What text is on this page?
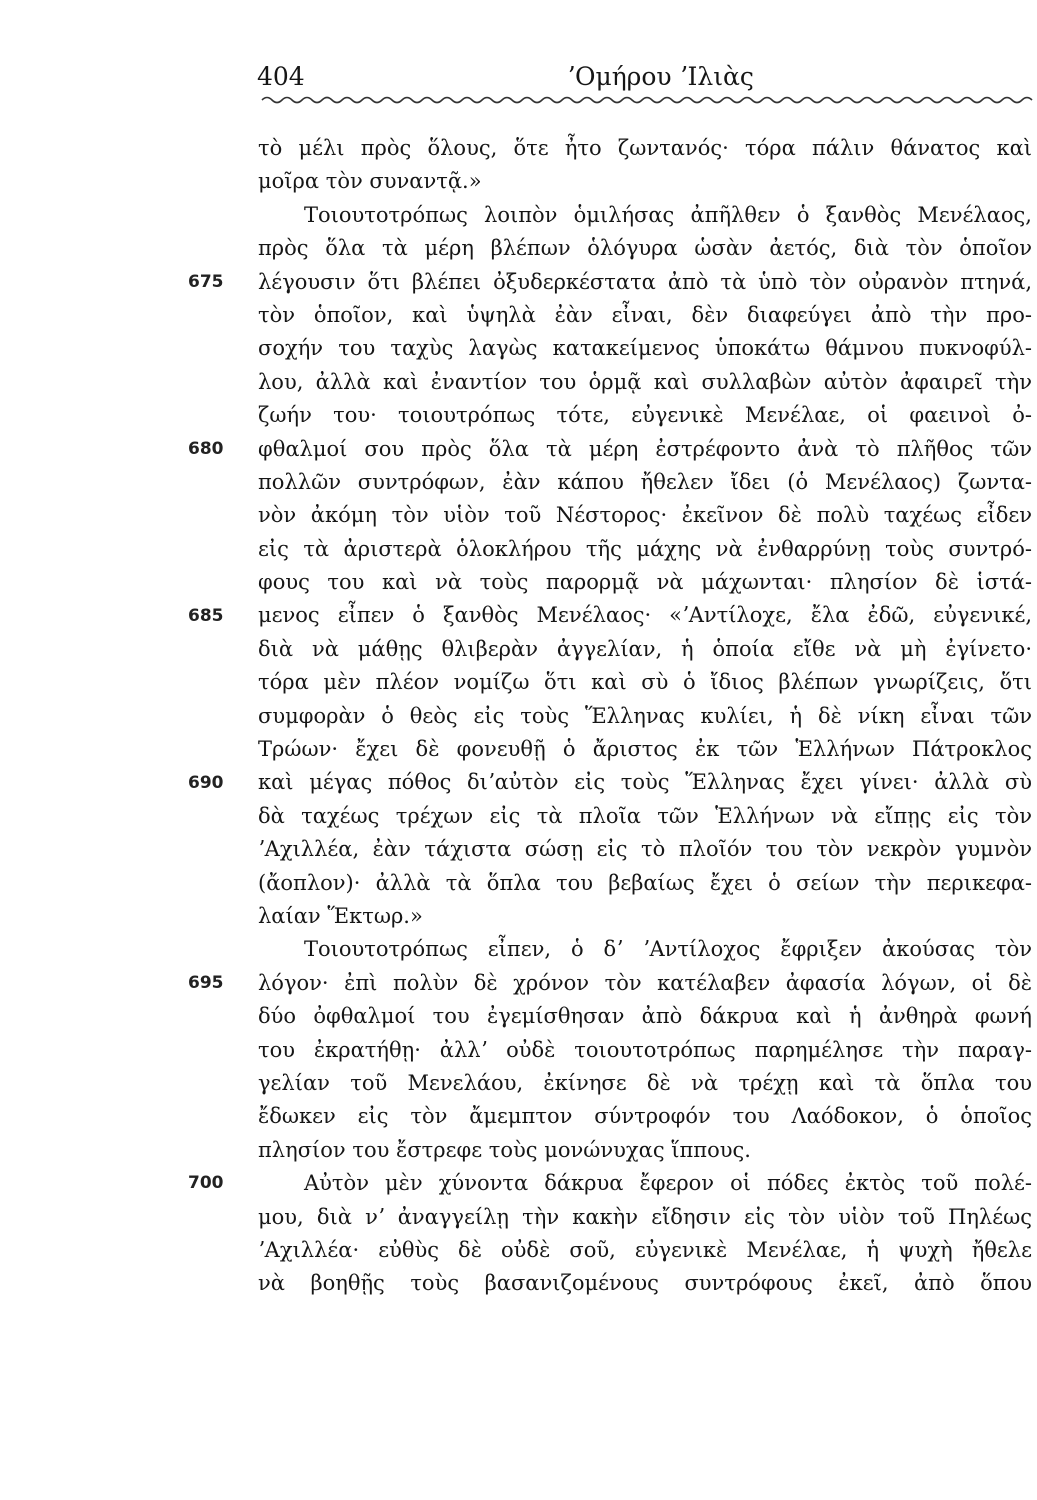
404	ʼΟμήρου ʼΙλιὰς
675
680
685
690
695
700
τὸ μέλι πρὸς ὅλους, ὅτε ἦτο ζωντανός· τόρα πάλιν θάνατος καὶ
μοῖρα τὸν συναντᾷ.»
Τοιουτοτρόπως λοιπὸν ὁμιλήσας ἀπῆλθεν ὁ ξανθὸς Μενέλαος,
πρὸς ὅλα τὰ μέρη βλέπων ὁλόγυρα ὡσὰν ἀετός, διὰ τὸν ὁποῖον
λέγουσιν ὅτι βλέπει ὀξυδερκέστατα ἀπὸ τὰ ὑπὸ τὸν οὐρανὸν πτηνά,
τὸν ὁποῖον, καὶ ὑψηλὰ ἐὰν εἶναι, δὲν διαφεύγει ἀπὸ τὴν προ-
σοχήν του ταχὺς λαγὼς κατακείμενος ὑποκάτω θάμνου πυκνοφύλ-
λου, ἀλλὰ καὶ ἐναντίον του ὁρμᾷ καὶ συλλαβὼν αὐτὸν ἀφαιρεῖ τὴν
ζωήν του· τοιουτρόπως τότε, εὐγενικὲ Μενέλαε, οἱ φαεινοὶ ὀ-
φθαλμοί σου πρὸς ὅλα τὰ μέρη ἐστρέφοντο ἀνὰ τὸ πλῆθος τῶν
πολλῶν συντρόφων, ἐὰν κάπου ἤθελεν ἴδει (ὁ Μενέλαος) ζωντα-
νὸν ἀκόμη τὸν υἱὸν τοῦ Νέστορος· ἐκεῖνον δὲ πολὺ ταχέως εἶδεν
εἰς τὰ ἀριστερὰ ὁλοκλήρου τῆς μάχης νὰ ἐνθαρρύνῃ τοὺς συντρό-
φους του καὶ νὰ τοὺς παρορμᾷ νὰ μάχωνται· πλησίον δὲ ἱστά-
μενος εἶπεν ὁ ξανθὸς Μενέλαος· «ʼΑντίλοχε, ἔλα ἐδῶ, εὐγενικέ,
διὰ νὰ μάθῃς θλιβερὰν ἀγγελίαν, ἡ ὁποία εἴθε νὰ μὴ ἐγίνετο·
τόρα μὲν πλέον νομίζω ὅτι καὶ σὺ ὁ ἴδιος βλέπων γνωρίζεις, ὅτι
συμφορὰν ὁ θεὸς εἰς τοὺς Ἕλληνας κυλίει, ἡ δὲ νίκη εἶναι τῶν
Τρώων· ἔχει δὲ φονευθῇ ὁ ἄριστος ἐκ τῶν Ἑλλήνων Πάτροκλος
καὶ μέγας πόθος διʼαὐτὸν εἰς τοὺς Ἕλληνας ἔχει γίνει· ἀλλὰ σὺ
δὰ ταχέως τρέχων εἰς τὰ πλοῖα τῶν Ἑλλήνων νὰ εἴπῃς εἰς τὸν
ʼΑχιλλέα, ἐὰν τάχιστα σώσῃ εἰς τὸ πλοῖόν του τὸν νεκρὸν γυμνὸν
(ἄοπλον)· ἀλλὰ τὰ ὅπλα του βεβαίως ἔχει ὁ σείων τὴν περικεφα-
λαίαν Ἕκτωρ.»
Τοιουτοτρόπως εἶπεν, ὁ δʼ ʼΑντίλοχος ἔφριξεν ἀκούσας τὸν
λόγον· ἐπὶ πολὺν δὲ χρόνον τὸν κατέλαβεν ἀφασία λόγων, οἱ δὲ
δύο ὀφθαλμοί του ἐγεμίσθησαν ἀπὸ δάκρυα καὶ ἡ ἀνθηρὰ φωνή
του ἐκρατήθῃ· ἀλλʼ οὐδὲ τοιουτοτρόπως παρημέλησε τὴν παραγ-
γελίαν τοῦ Μενελάου, ἐκίνησε δὲ νὰ τρέχῃ καὶ τὰ ὅπλα του
ἔδωκεν εἰς τὸν ἄμεμπτον σύντροφόν του Λαόδοκον, ὁ ὁποῖος
πλησίον του ἔστρεφε τοὺς μονώνυχας ἵππους.
Αὐτὸν μὲν χύνοντα δάκρυα ἔφερον οἱ πόδες ἐκτὸς τοῦ πολέ-
μου, διὰ νʼ ἀναγγείλῃ τὴν κακὴν εἴδησιν εἰς τὸν υἱὸν τοῦ Πηλέως
ʼΑχιλλέα· εὐθὺς δὲ οὐδὲ σοῦ, εὐγενικὲ Μενέλαε, ἡ ψυχὴ ἤθελε
νὰ βοηθῇς τοὺς βασανιζομένους συντρόφους ἐκεῖ, ἀπὸ ὅπου
